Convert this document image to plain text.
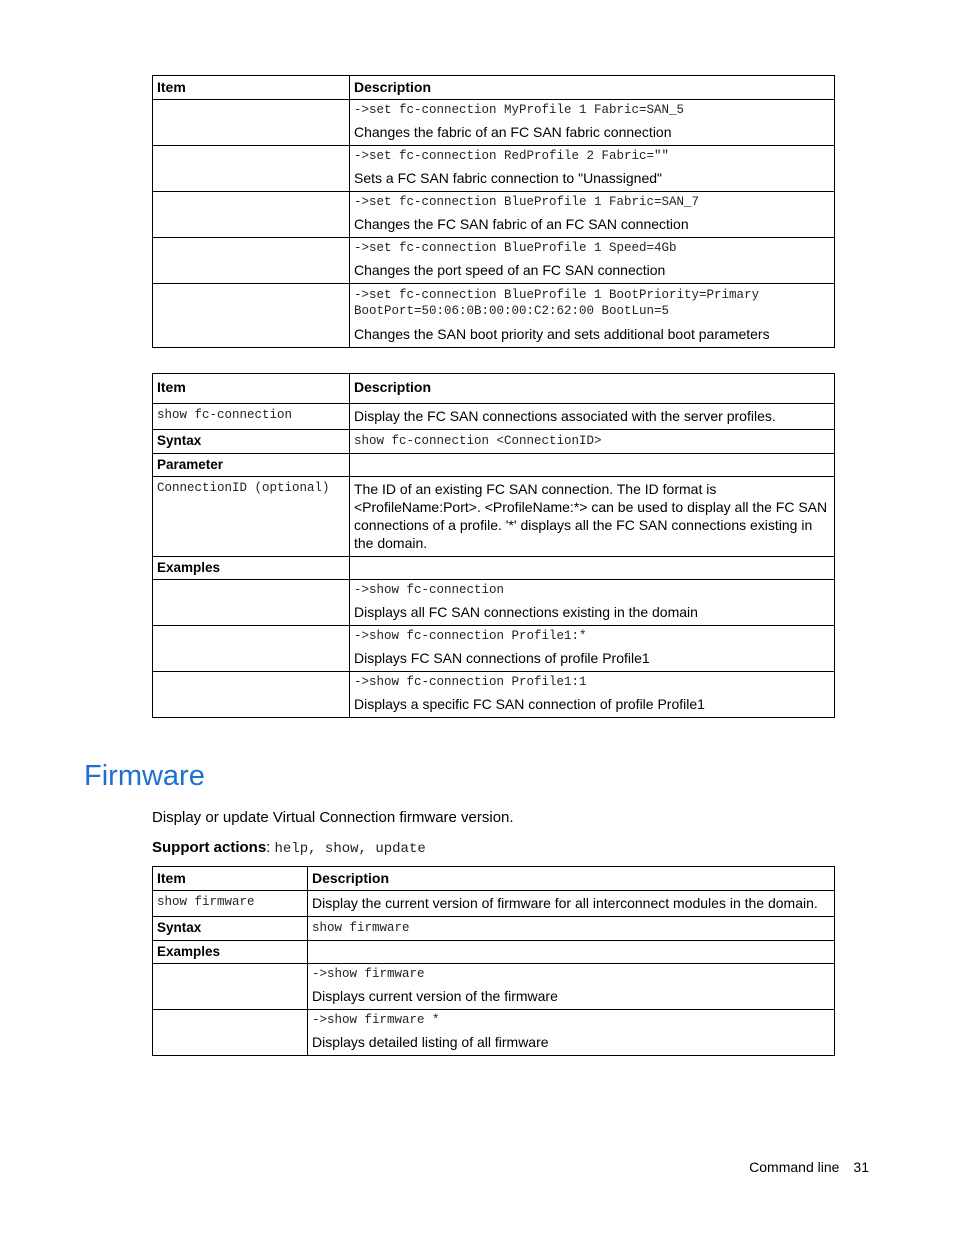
Item	Description

	->set fc-connection MyProfile 1 Fabric=SAN_5
Changes the fabric of an FC SAN fabric connection

	->set fc-connection RedProfile 2 Fabric=""
Sets a FC SAN fabric connection to "Unassigned"

	->set fc-connection BlueProfile 1 Fabric=SAN_7
Changes the FC SAN fabric of an FC SAN connection

	->set fc-connection BlueProfile 1 Speed=4Gb
Changes the port speed of an FC SAN connection

	->set fc-connection BlueProfile 1 BootPriority=Primary BootPort=50:06:0B:00:00:C2:62:00 BootLun=5
Changes the SAN boot priority and sets additional boot parameters
Item	Description

show fc-connection	Display the FC SAN connections associated with the server profiles.

Syntax	show fc-connection <ConnectionID>

Parameter	

ConnectionID (optional)	The ID of an existing FC SAN connection. The ID format is <ProfileName:Port>. <ProfileName:*> can be used to display all the FC SAN connections of a profile. '*' displays all the FC SAN connections existing in the domain.

Examples	

	->show fc-connection
Displays all FC SAN connections existing in the domain

	->show fc-connection Profile1:*
Displays FC SAN connections of profile Profile1

	->show fc-connection Profile1:1
Displays a specific FC SAN connection of profile Profile1
Firmware

Display or update Virtual Connection firmware version.

Support actions: help, show, update

Item	Description

show firmware	Display the current version of firmware for all interconnect modules in the domain.

Syntax	show firmware

Examples	

	->show firmware
Displays current version of the firmware

	->show firmware *
Displays detailed listing of all firmware
Command line 31
